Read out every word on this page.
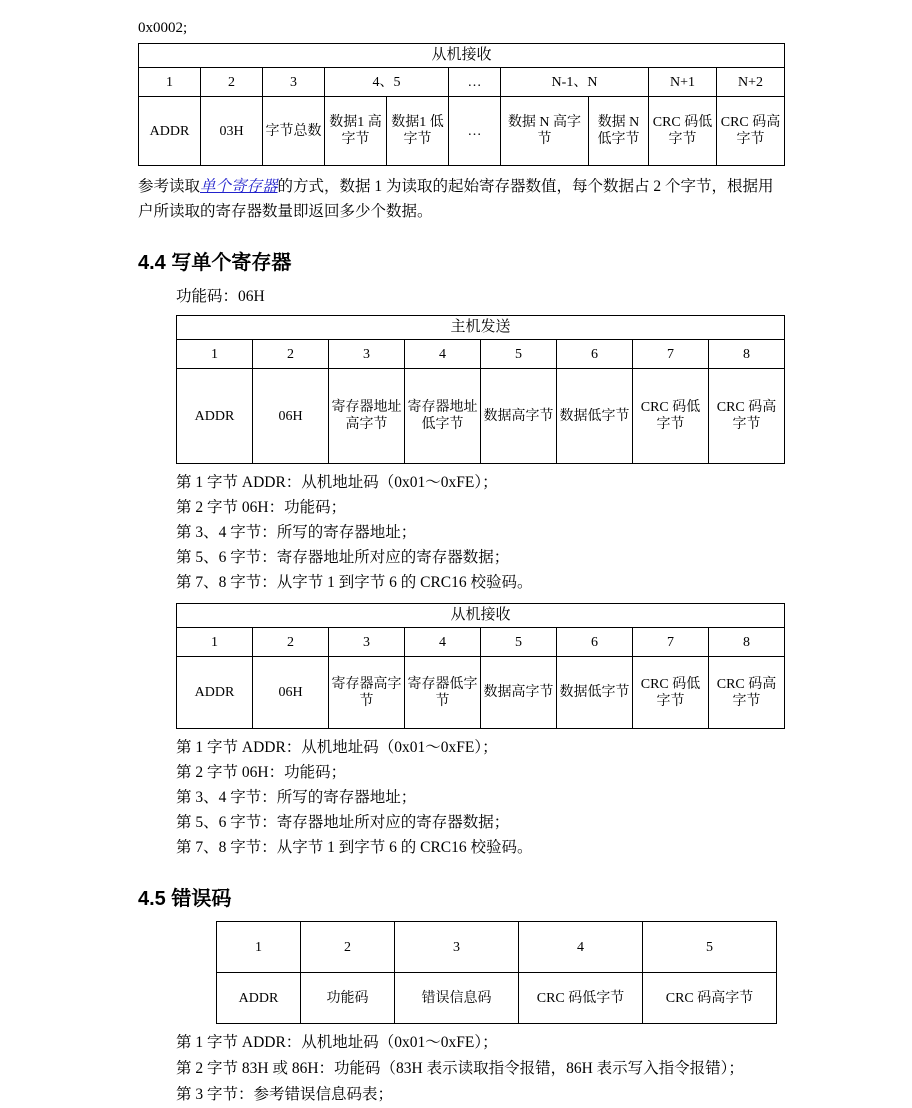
0x0002;
从机接收									
1	2	3	4、5		…	N-1、N		N+1	N+2
ADDR	03H	字节总数	数据1 高字节	数据1 低字节	…	数据 N 高字节	数据 N 低字节	CRC 码低字节	CRC 码高字节
参考读取单个寄存器的方式，数据 1 为读取的起始寄存器数值，每个数据占 2 个字节，根据用户所读取的寄存器数量即返回多少个数据。
4.4 写单个寄存器
功能码：06H
主机发送							
1	2	3	4	5	6	7	8
ADDR	06H	寄存器地址高字节	寄存器地址低字节	数据高字节	数据低字节	CRC 码低字节	CRC 码高字节
第 1 字节 ADDR：从机地址码（0x01～0xFE）；
第 2 字节 06H：功能码；
第 3、4 字节：所写的寄存器地址；
第 5、6 字节：寄存器地址所对应的寄存器数据；
第 7、8 字节：从字节 1 到字节 6 的 CRC16 校验码。
从机接收							
1	2	3	4	5	6	7	8
ADDR	06H	寄存器高字节	寄存器低字节	数据高字节	数据低字节	CRC 码低字节	CRC 码高字节
第 1 字节 ADDR：从机地址码（0x01～0xFE）；
第 2 字节 06H：功能码；
第 3、4 字节：所写的寄存器地址；
第 5、6 字节：寄存器地址所对应的寄存器数据；
第 7、8 字节：从字节 1 到字节 6 的 CRC16 校验码。
4.5 错误码
1	2	3	4	5
ADDR	功能码	错误信息码	CRC 码低字节	CRC 码高字节
第 1 字节 ADDR：从机地址码（0x01～0xFE）；
第 2 字节 83H 或 86H：功能码（83H 表示读取指令报错，86H 表示写入指令报错）；
第 3 字节：参考错误信息码表；
